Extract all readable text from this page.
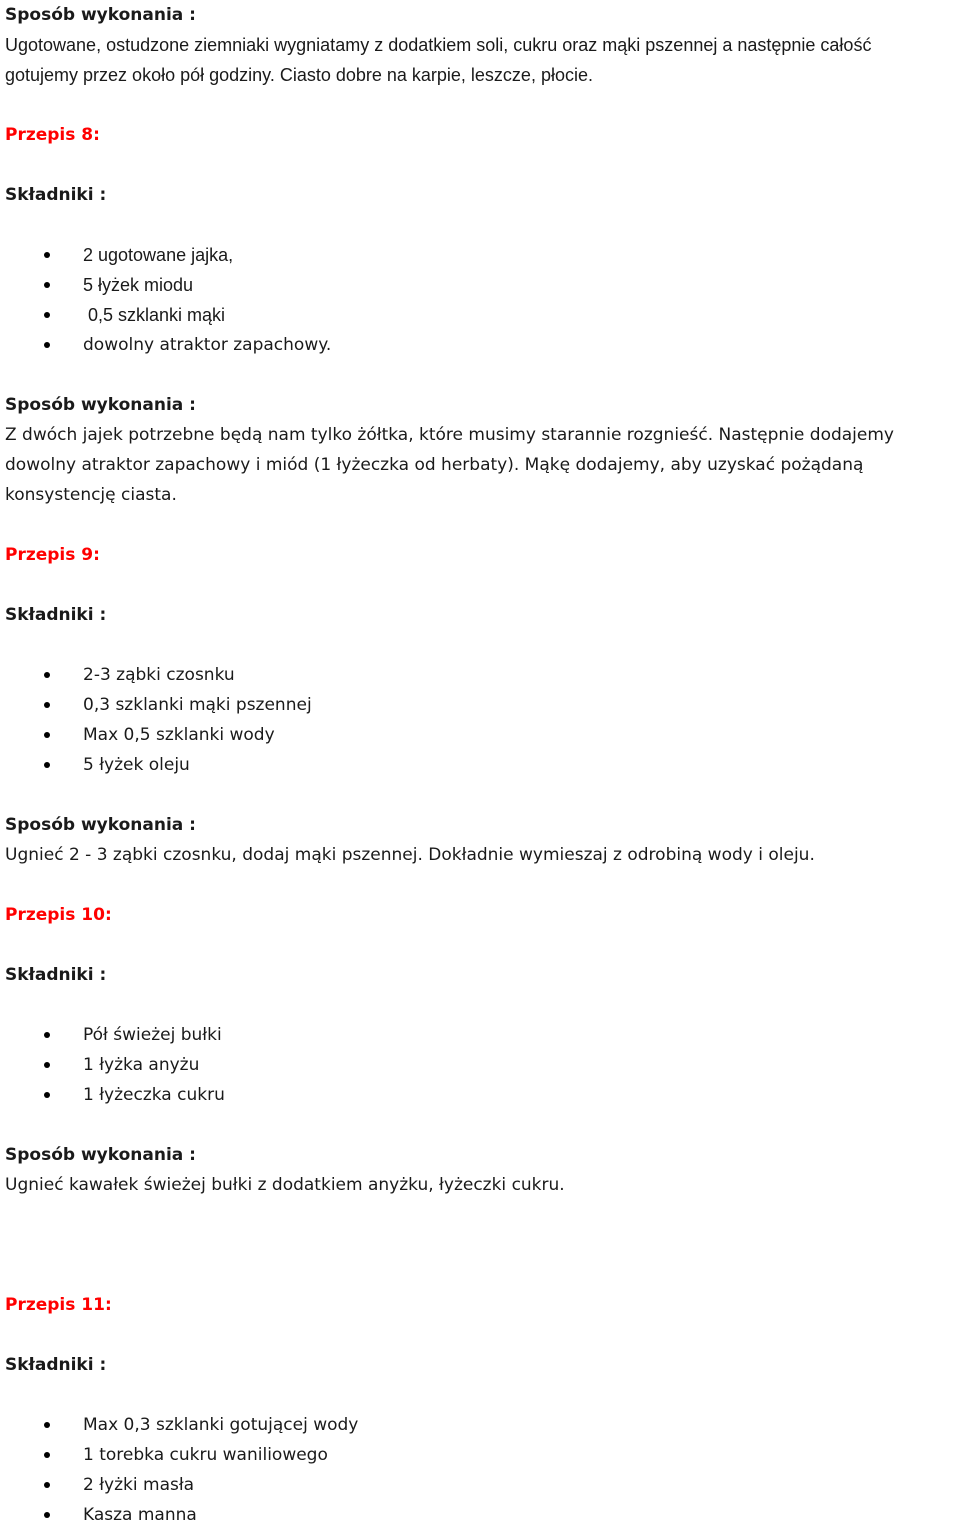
Sposób wykonania :
Ugotowane, ostudzone ziemniaki wygniatamy z dodatkiem soli, cukru oraz mąki pszennej a następnie całość
gotujemy przez około pół godziny. Ciasto dobre na karpie, leszcze, płocie.
Przepis 8:
Składniki :
2 ugotowane jajka,
5 łyżek miodu
0,5 szklanki mąki
dowolny atraktor zapachowy.
Sposób wykonania :
Z dwóch jajek potrzebne będą nam tylko żółtka, które musimy starannie rozgnieść. Następnie dodajemy
dowolny atraktor zapachowy i miód (1 łyżeczka od herbaty). Mąkę dodajemy, aby uzyskać pożądaną
konsystencję ciasta.
Przepis 9:
Składniki :
2-3 ząbki czosnku
0,3 szklanki mąki pszennej
Max 0,5 szklanki wody
5 łyżek oleju
Sposób wykonania :
Ugnieć 2 - 3 ząbki czosnku, dodaj mąki pszennej. Dokładnie wymieszaj z odrobiną wody i oleju.
Przepis 10:
Składniki :
Pół świeżej bułki
1 łyżka anyżu
1 łyżeczka cukru
Sposób wykonania :
Ugnieć kawałek świeżej bułki z dodatkiem anyżku, łyżeczki cukru.
Przepis 11:
Składniki :
Max 0,3 szklanki gotującej wody
1 torebka cukru waniliowego
2 łyżki masła
Kasza manna
